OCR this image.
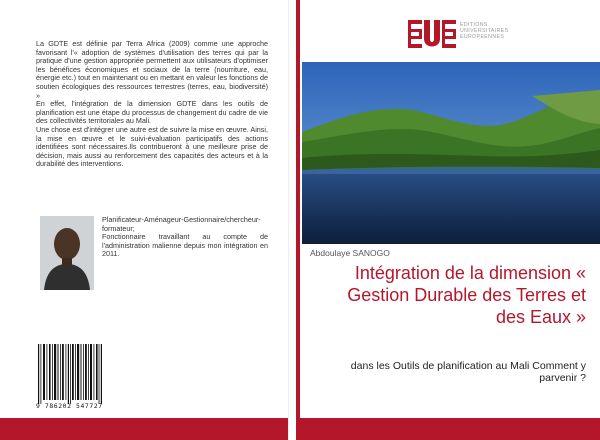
La GDTE est définie par Terra Africa (2009) comme une approche favorisant l'« adoption de systèmes d'utilisation des terres qui par la pratique d'une gestion appropriée permettent aux utilisateurs d'optimiser les bénéfices économiques et sociaux de la terre (nourriture, eau, énergie etc.) tout en maintenant ou en mettant en valeur les fonctions de soutien écologiques des ressources terrestres (terres, eau, biodiversité) »

En effet, l'intégration de la dimension GDTE dans les outils de planification est une étape du processus de changement du cadre de vie des collectivités territoriales au Mali.

Une chose est d'intégrer une autre est de suivre la mise en œuvre. Ainsi, la mise en œuvre et le suivi-évaluation participatifs des actions identifiées sont nécessaires.Ils contribueront à une meilleure prise de décision, mais aussi au renforcement des capacités des acteurs et à la durabilité des interventions.

Planificateur-Aménageur-Gestionnaire/chercheur-formateur;

Fonctionnaire travaillant au compte de l'administration malienne depuis mon intégration en 2011.

9 786202 547727
EDITIONS
UNIVERSITAIRES
EUROPEENNES
Abdoulaye SANOGO
Intégration de la dimension « Gestion Durable des Terres et des Eaux »
dans les Outils de planification au Mali Comment y parvenir ?
